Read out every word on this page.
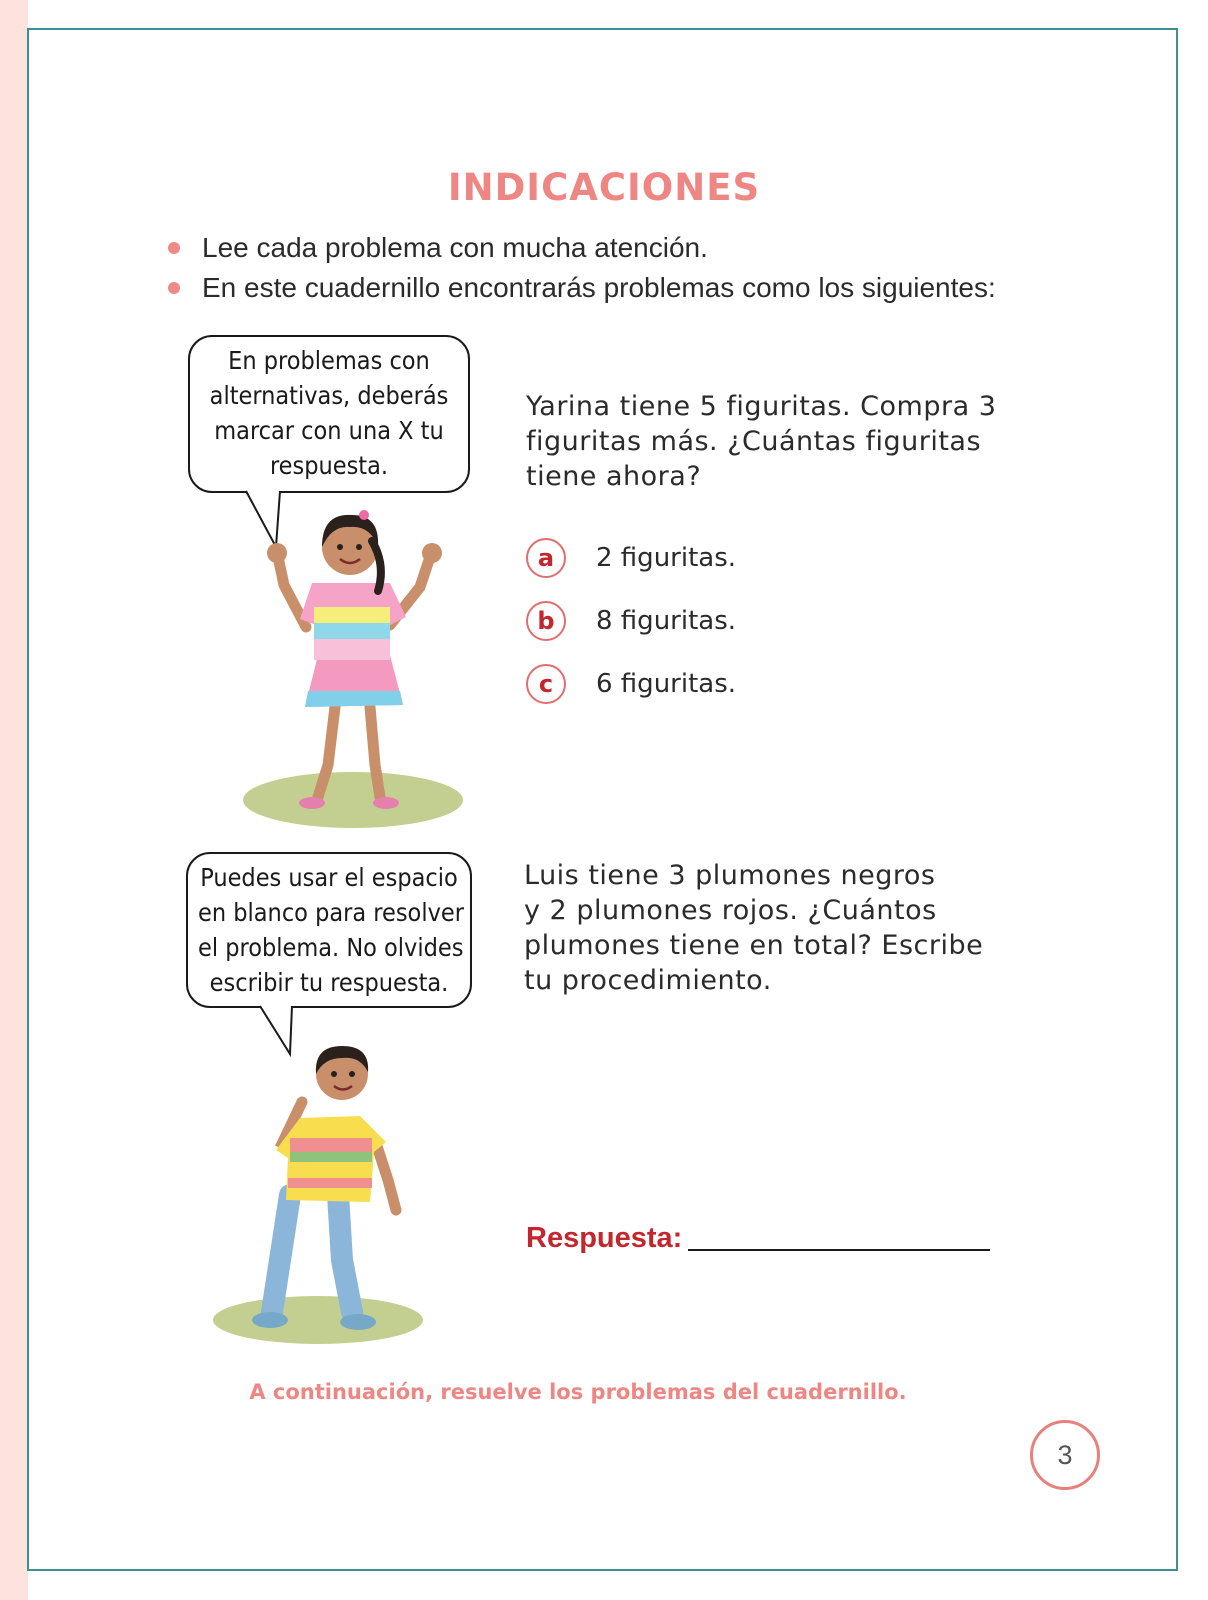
INDICACIONES
Lee cada problema con mucha atención.
En este cuadernillo encontrarás problemas como los siguientes:
En problemas con
alternativas, deberás
marcar con una X tu
respuesta.
Yarina tiene 5 figuritas. Compra 3
figuritas más. ¿Cuántas figuritas
tiene ahora?
a	2 figuritas.
b	8 figuritas.
c	6 figuritas.
Puedes usar el espacio
en blanco para resolver
el problema. No olvides
escribir tu respuesta.
Luis tiene 3 plumones negros
y 2 plumones rojos. ¿Cuántos
plumones tiene en total? Escribe
tu procedimiento.
Respuesta:
A continuación, resuelve los problemas del cuadernillo.
3
